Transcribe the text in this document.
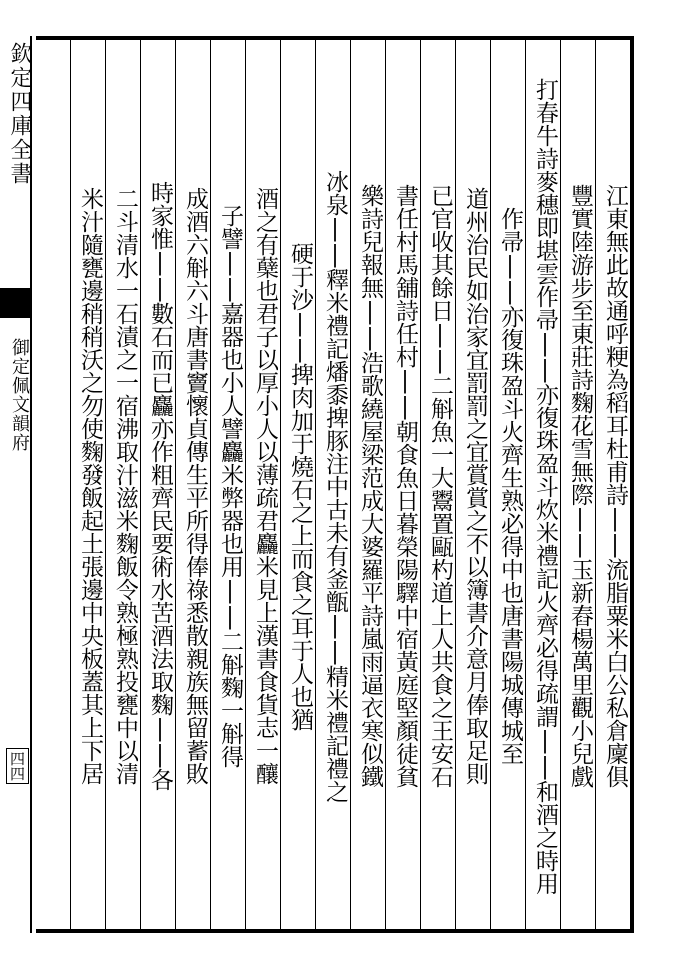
欽定四庫全書
御定佩文韻府
四四	江東無此故通呼粳為稻耳杜甫詩||流脂粟米白公私倉廩俱
豐實陸游步至東莊詩麴花雪無際||玉新舂楊萬里觀小兒戲
打春牛詩麥穗即堪雲作帚||亦復珠盈斗炊米禮記火齊必得疏謂||和酒之時用
作帚||亦復珠盈斗火齊生熟必得中也唐書陽城傳城至
道州治民如治家宜罰罰之宜賞賞之不以簿書介意月俸取足則
已官收其餘日||二斛魚一大鬻置甌杓道上人共食之王安石
書任村馬舖詩任村||朝食魚日暮榮陽驛中宿黃庭堅顏徒貧
樂詩兒報無||浩歌繞屋梁范成大婆羅平詩嵐雨逼衣寒似鐵
冰泉||釋米禮記燔黍捭豚注中古未有釜甑||精米禮記禮之
硬于沙||捭肉加于燒石之上而食之耳于人也猶
酒之有蘖也君子以厚小人以薄疏君麤米見上漢書食貨志一釀
子譬||嘉器也小人譬麤米弊器也用||二斛麴一斛得
成酒六斛六斗唐書竇懷貞傳生平所得俸祿悉散親族無留蓄敗
時家惟||數石而已麤亦作粗齊民要術水苦酒法取麴||各
二斗清水一石漬之一宿沸取汁滋米麴飯令熟極熟投甕中以清
米汁隨甕邊稍稍沃之勿使麴發飯起土張邊中央板蓋其上下居
